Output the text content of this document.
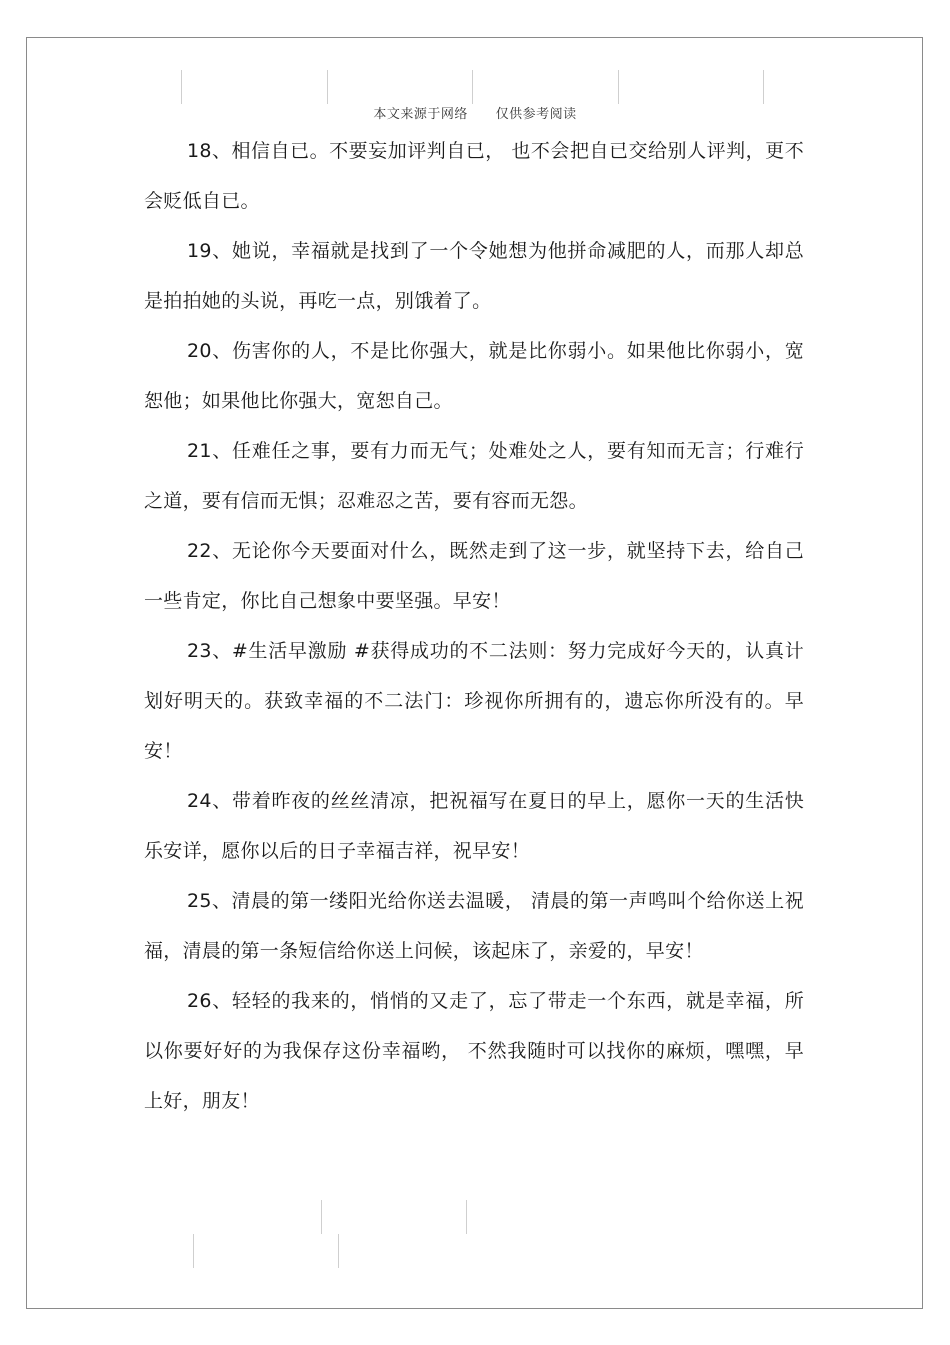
本文来源于网络      仅供参考阅读

18、相信自已。不要妄加评判自已， 也不会把自已交给别人评判，更不会贬低自已。

19、她说，幸福就是找到了一个令她想为他拼命减肥的人，而那人却总是拍拍她的头说，再吃一点，别饿着了。

20、伤害你的人，不是比你强大，就是比你弱小。如果他比你弱小，宽恕他；如果他比你强大，宽恕自己。

21、任难任之事，要有力而无气；处难处之人，要有知而无言；行难行之道，要有信而无惧；忍难忍之苦，要有容而无怨。

22、无论你今天要面对什么，既然走到了这一步，就坚持下去，给自己一些肯定，你比自己想象中要坚强。早安！

23、#生活早激励 #获得成功的不二法则：努力完成好今天的，认真计划好明天的。获致幸福的不二法门：珍视你所拥有的，遗忘你所没有的。早安！

24、带着昨夜的丝丝清凉，把祝福写在夏日的早上，愿你一天的生活快乐安详，愿你以后的日子幸福吉祥，祝早安！

25、清晨的第一缕阳光给你送去温暖， 清晨的第一声鸣叫个给你送上祝福，清晨的第一条短信给你送上问候，该起床了，亲爱的，早安！

26、轻轻的我来的，悄悄的又走了，忘了带走一个东西，就是幸福，所以你要好好的为我保存这份幸福哟， 不然我随时可以找你的麻烦，嘿嘿，早上好，朋友！
